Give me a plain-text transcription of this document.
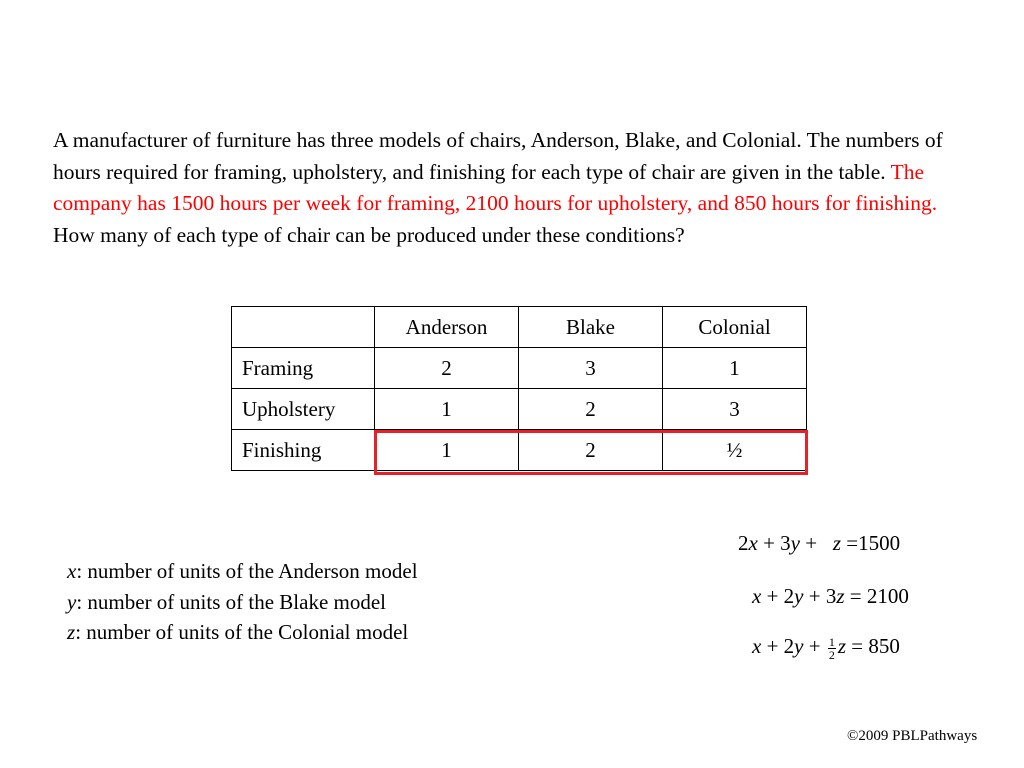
A manufacturer of furniture has three models of chairs, Anderson, Blake, and Colonial. The numbers of hours required for framing, upholstery, and finishing for each type of chair are given in the table. The company has 1500 hours per week for framing, 2100 hours for upholstery, and 850 hours for finishing. How many of each type of chair can be produced under these conditions?

	Anderson	Blake	Colonial
Framing	2	3	1
Upholstery	1	2	3
Finishing	1	2	½
x: number of units of the Anderson model
y: number of units of the Blake model
z: number of units of the Colonial model
2x + 3y + z =1500
x + 2y + 3z = 2100
$x + 2y + \frac{1}{2}$ z = 850
©2009 PBLPathways
